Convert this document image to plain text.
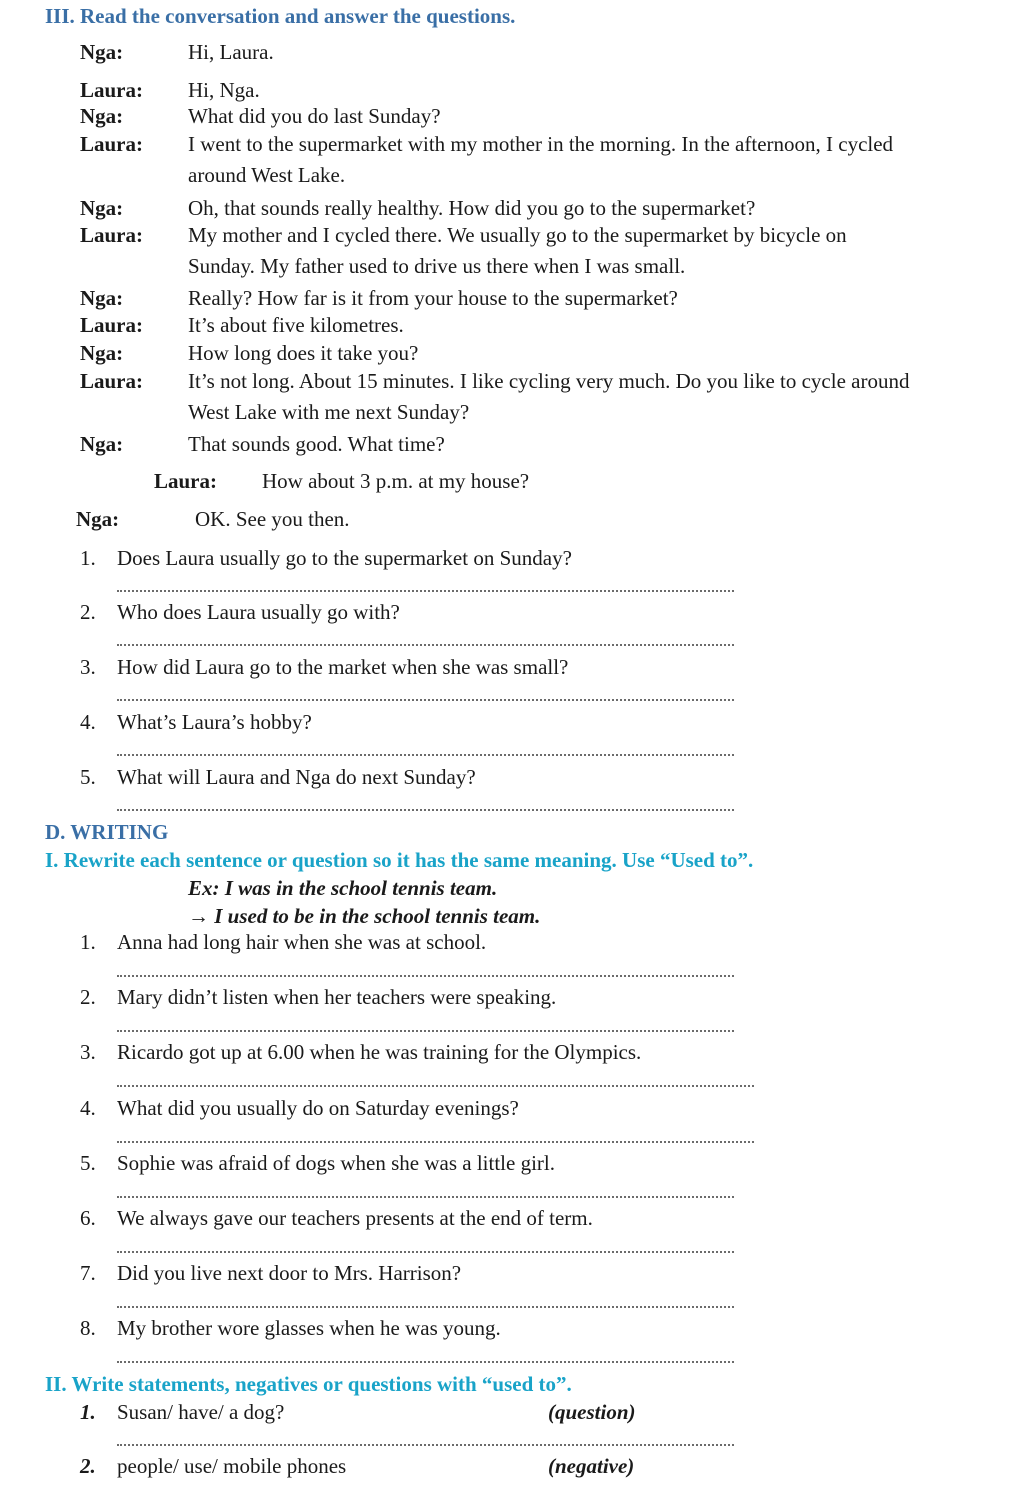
III. Read the conversation and answer the questions.
Nga:	Hi, Laura.
Laura: Hi, Nga.
Nga:	What did you do last Sunday?
Laura: I went to the supermarket with my mother in the morning. In the afternoon, I cycled
around West Lake.
Nga:	Oh, that sounds really healthy. How did you go to the supermarket?
Laura: My mother and I cycled there. We usually go to the supermarket by bicycle on
Sunday. My father used to drive us there when I was small.
Nga:	Really? How far is it from your house to the supermarket?
Laura: It’s about five kilometres.
Nga:	How long does it take you?
Laura: It’s not long. About 15 minutes. I like cycling very much. Do you like to cycle around
West Lake with me next Sunday?
Nga:	That sounds good. What time?
Laura: How about 3 p.m. at my house?
Nga:	OK. See you then.
1. Does Laura usually go to the supermarket on Sunday?
2. Who does Laura usually go with?
3. How did Laura go to the market when she was small?
4. What’s Laura’s hobby?
5. What will Laura and Nga do next Sunday?
D. WRITING
I. Rewrite each sentence or question so it has the same meaning. Use “Used to”.
Ex: I was in the school tennis team.
→ I used to be in the school tennis team.
1. Anna had long hair when she was at school.
2. Mary didn’t listen when her teachers were speaking.
3. Ricardo got up at 6.00 when he was training for the Olympics.
4. What did you usually do on Saturday evenings?
5. Sophie was afraid of dogs when she was a little girl.
6. We always gave our teachers presents at the end of term.
7. Did you live next door to Mrs. Harrison?
8. My brother wore glasses when he was young.
II. Write statements, negatives or questions with “used to”.
1. Susan/ have/ a dog?	(question)
2. people/ use/ mobile phones	(negative)
